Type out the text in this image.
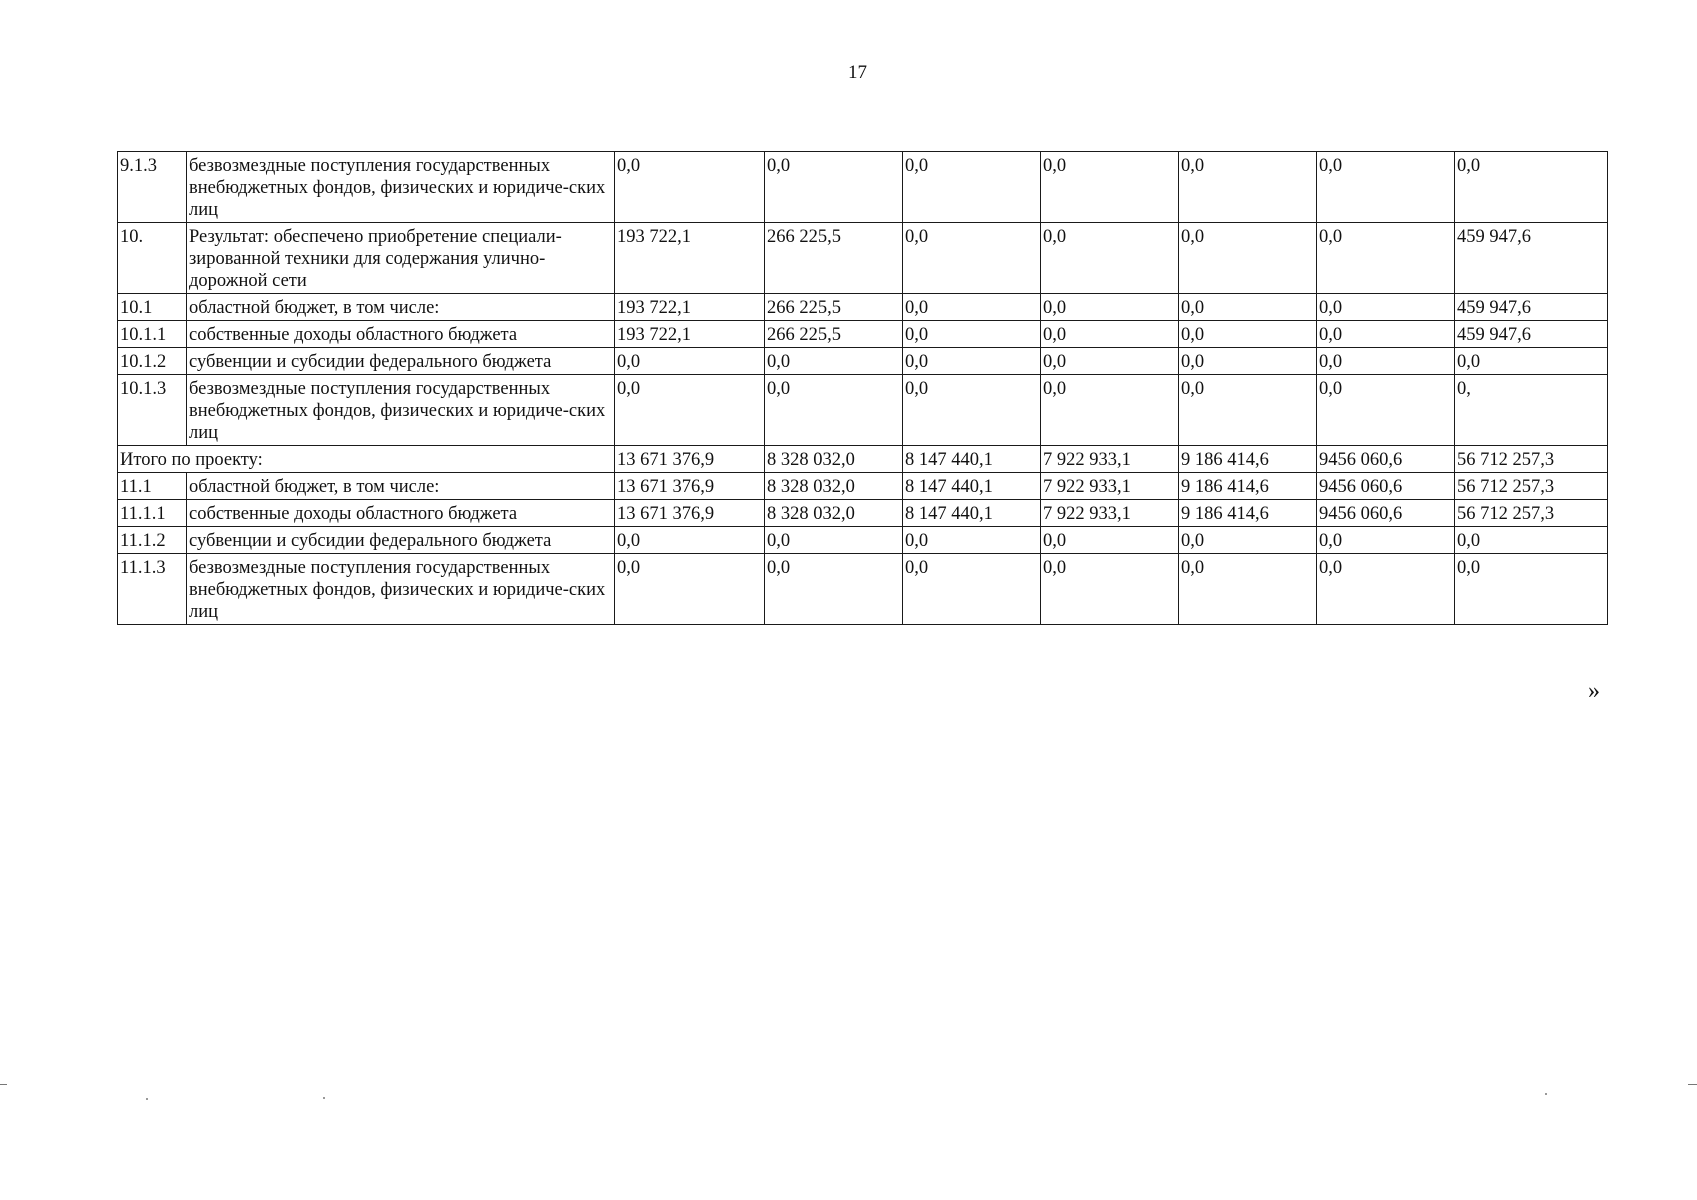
17
9.1.3	безвозмездные поступления государственных внебюджетных фондов, физических и юридиче-ских лиц	0,0	0,0	0,0	0,0	0,0	0,0	0,0
10.	Результат: обеспечено приобретение специали-зированной техники для содержания улично-дорожной сети	193 722,1	266 225,5	0,0	0,0	0,0	0,0	459 947,6
10.1	областной бюджет, в том числе:	193 722,1	266 225,5	0,0	0,0	0,0	0,0	459 947,6
10.1.1	собственные доходы областного бюджета	193 722,1	266 225,5	0,0	0,0	0,0	0,0	459 947,6
10.1.2	субвенции и субсидии федерального бюджета	0,0	0,0	0,0	0,0	0,0	0,0	0,0
10.1.3	безвозмездные поступления государственных внебюджетных фондов, физических и юридиче-ских лиц	0,0	0,0	0,0	0,0	0,0	0,0	0,
Итого по проекту:		13 671 376,9	8 328 032,0	8 147 440,1	7 922 933,1	9 186 414,6	9456 060,6	56 712 257,3
11.1	областной бюджет, в том числе:	13 671 376,9	8 328 032,0	8 147 440,1	7 922 933,1	9 186 414,6	9456 060,6	56 712 257,3
11.1.1	собственные доходы областного бюджета	13 671 376,9	8 328 032,0	8 147 440,1	7 922 933,1	9 186 414,6	9456 060,6	56 712 257,3
11.1.2	субвенции и субсидии федерального бюджета	0,0	0,0	0,0	0,0	0,0	0,0	0,0
11.1.3	безвозмездные поступления государственных внебюджетных фондов, физических и юридиче-ских лиц	0,0	0,0	0,0	0,0	0,0	0,0	0,0
»
